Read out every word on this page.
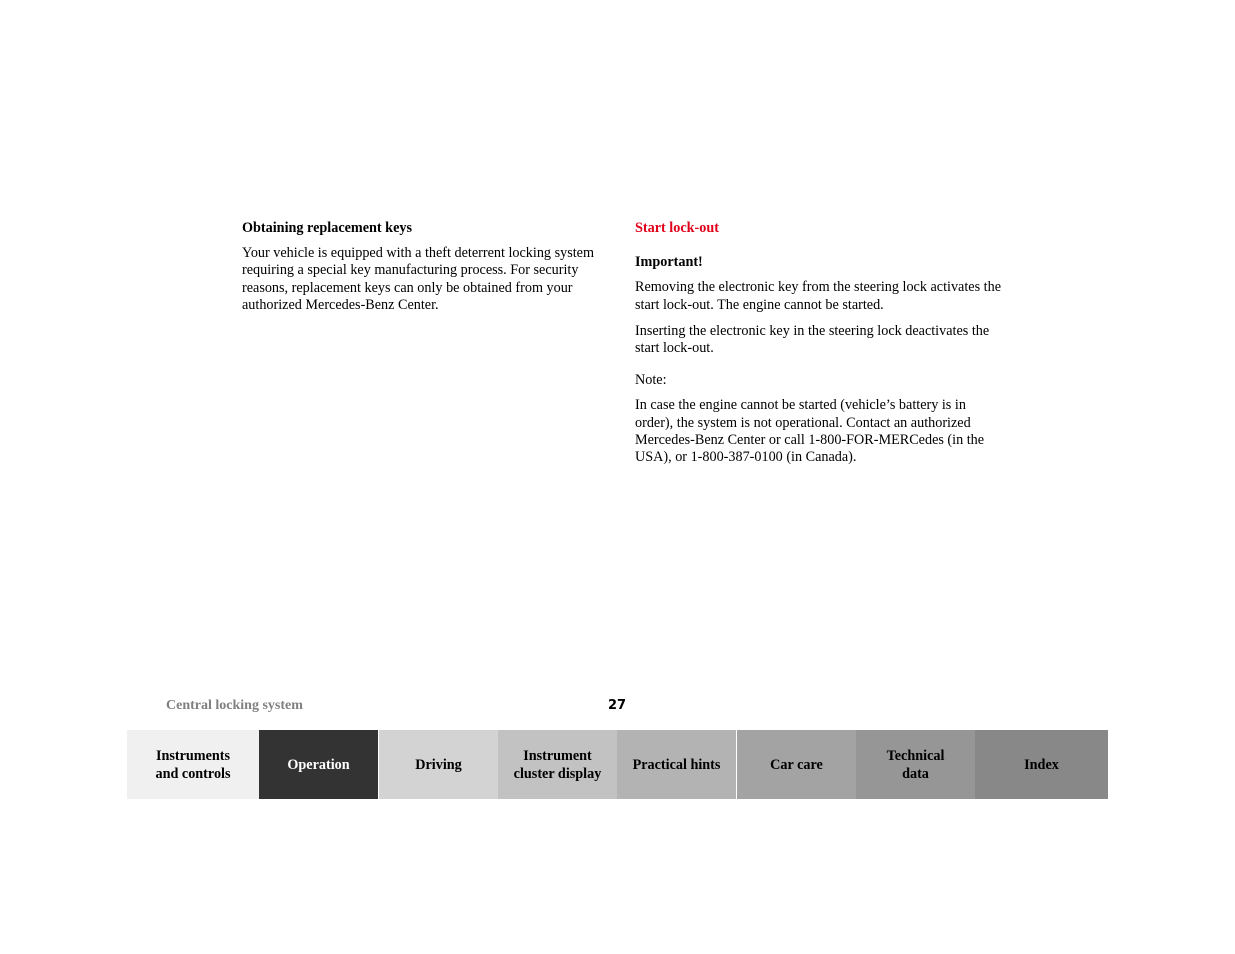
Obtaining replacement keys

Your vehicle is equipped with a theft deterrent locking system requiring a special key manufacturing process. For security reasons, replacement keys can only be obtained from your authorized Mercedes-Benz Center.

Start lock-out

Important!

Removing the electronic key from the steering lock activates the start lock-out. The engine cannot be started.

Inserting the electronic key in the steering lock deactivates the start lock-out.

Note:

In case the engine cannot be started (vehicle’s battery is in order), the system is not operational. Contact an authorized Mercedes-Benz Center or call 1-800-FOR-MERCedes (in the USA), or 1-800-387-0100 (in Canada).

Central locking system	27
Instruments
and controls
Operation	Driving
Instrument
cluster display
Practical hints	Car care
Technical
data
Index
